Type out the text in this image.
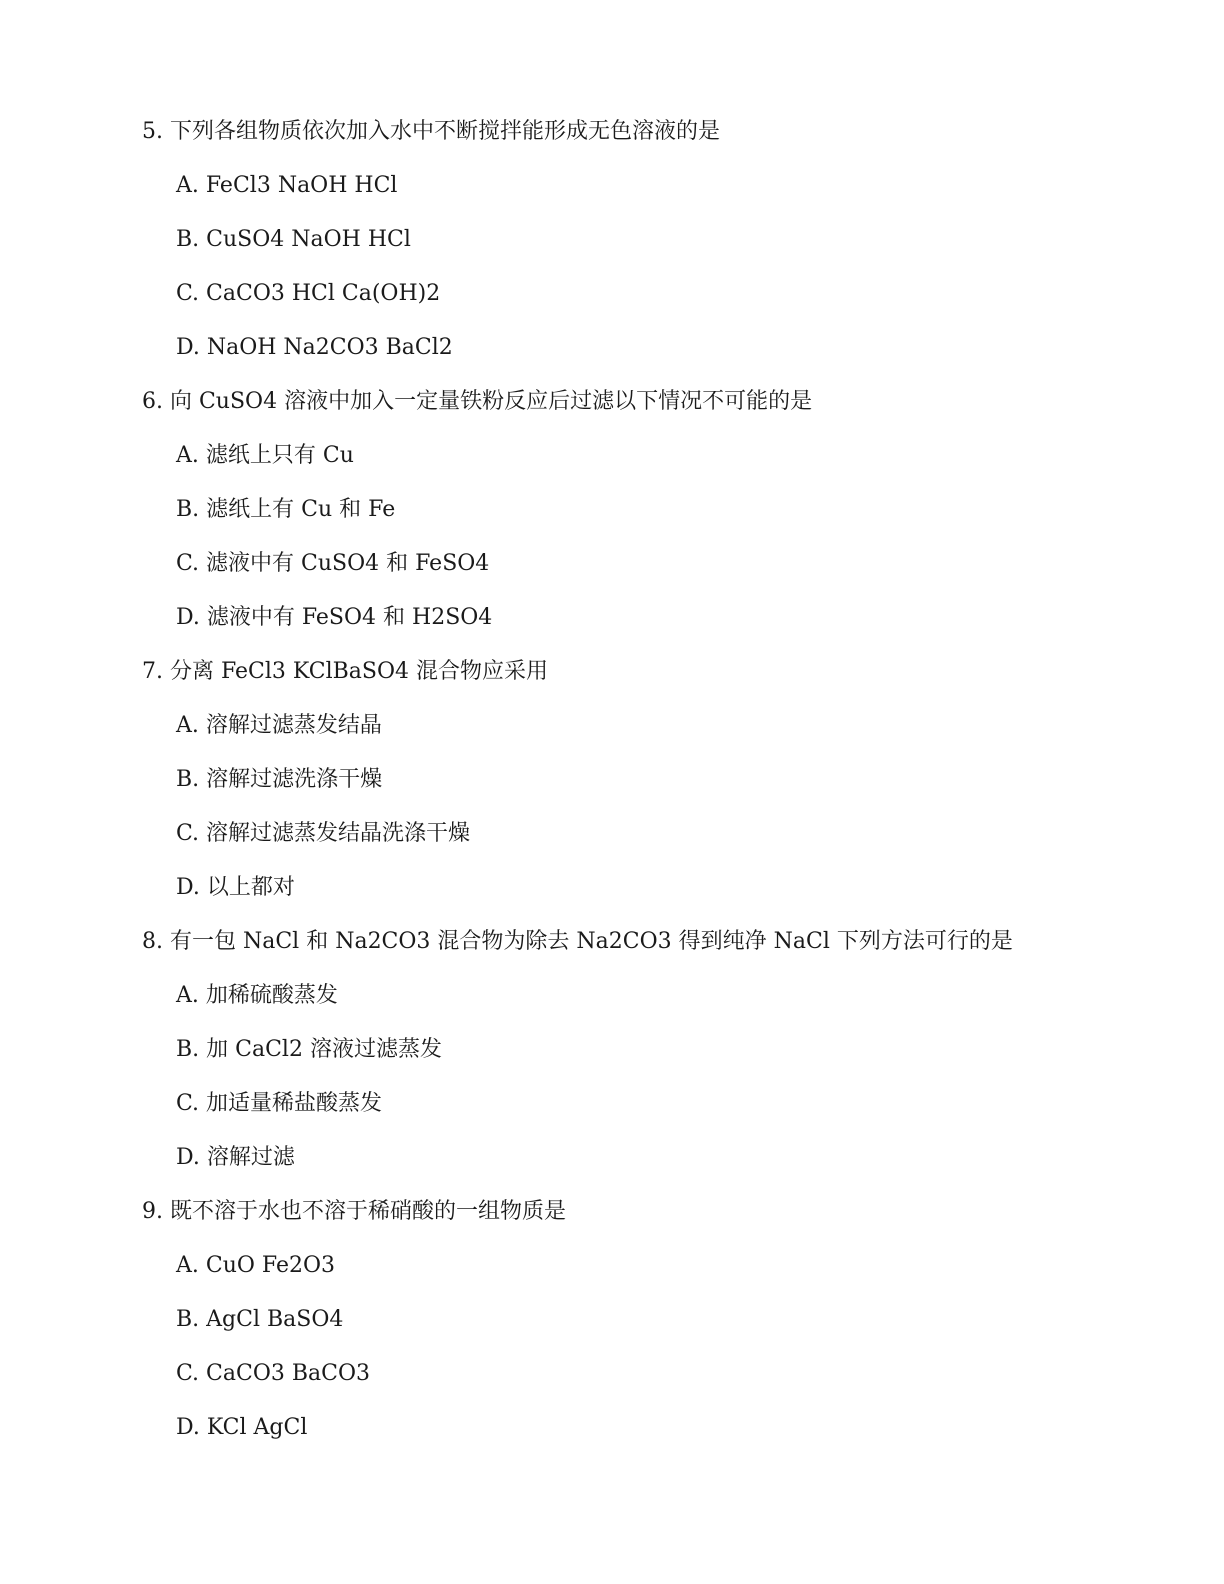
5. 下列各组物质依次加入水中不断搅拌能形成无色溶液的是
A. FeCl3 NaOH HCl
B. CuSO4 NaOH HCl
C. CaCO3 HCl Ca(OH)2
D. NaOH Na2CO3 BaCl2
6. 向 CuSO4 溶液中加入一定量铁粉反应后过滤以下情况不可能的是
A. 滤纸上只有 Cu
B. 滤纸上有 Cu 和 Fe
C. 滤液中有 CuSO4 和 FeSO4
D. 滤液中有 FeSO4 和 H2SO4
7. 分离 FeCl3 KClBaSO4 混合物应采用
A. 溶解过滤蒸发结晶
B. 溶解过滤洗涤干燥
C. 溶解过滤蒸发结晶洗涤干燥
D. 以上都对
8. 有一包 NaCl 和 Na2CO3 混合物为除去 Na2CO3 得到纯净 NaCl 下列方法可行的是
A. 加稀硫酸蒸发
B. 加 CaCl2 溶液过滤蒸发
C. 加适量稀盐酸蒸发
D. 溶解过滤
9. 既不溶于水也不溶于稀硝酸的一组物质是
A. CuO Fe2O3
B. AgCl BaSO4
C. CaCO3 BaCO3
D. KCl AgCl
